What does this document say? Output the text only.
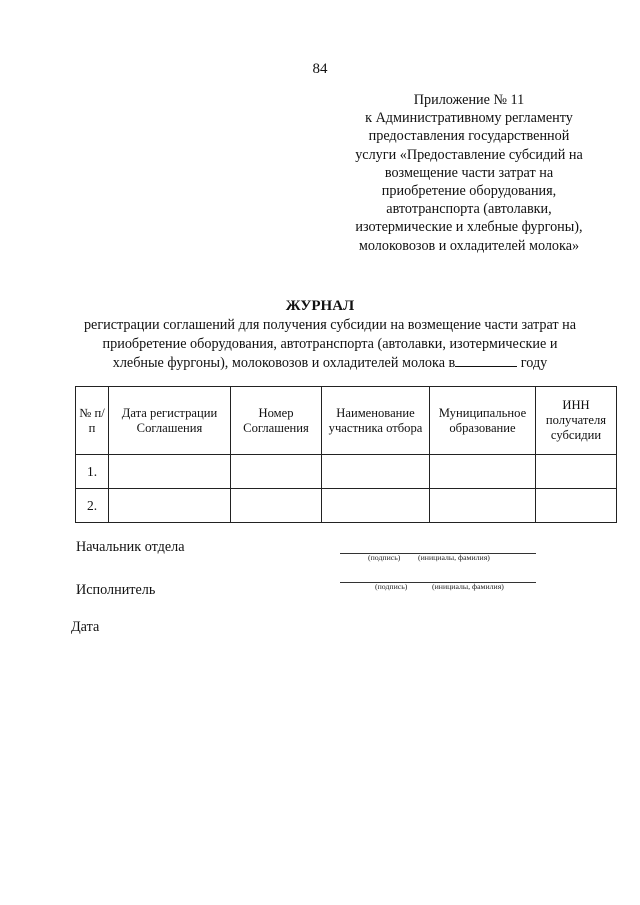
84
Приложение № 11
к Административному регламенту
предоставления государственной
услуги «Предоставление субсидий на
возмещение части затрат на
приобретение оборудования,
автотранспорта (автолавки,
изотермические и хлебные фургоны),
молоковозов и охладителей молока»
ЖУРНАЛ
регистрации соглашений для получения субсидии на возмещение части затрат на
приобретение оборудования, автотранспорта (автолавки, изотермические и
хлебные фургоны), молоковозов и охладителей молока в	году
№ п/п	Дата регистрации Соглашения	Номер Соглашения	Наименование участника отбора	Муниципальное образование	ИНН получателя субсидии
1.					
2.					
Начальник отдела
(подпись) (инициалы, фамилия)
Исполнитель	(подпись)	(инициалы, фамилия)
Дата
